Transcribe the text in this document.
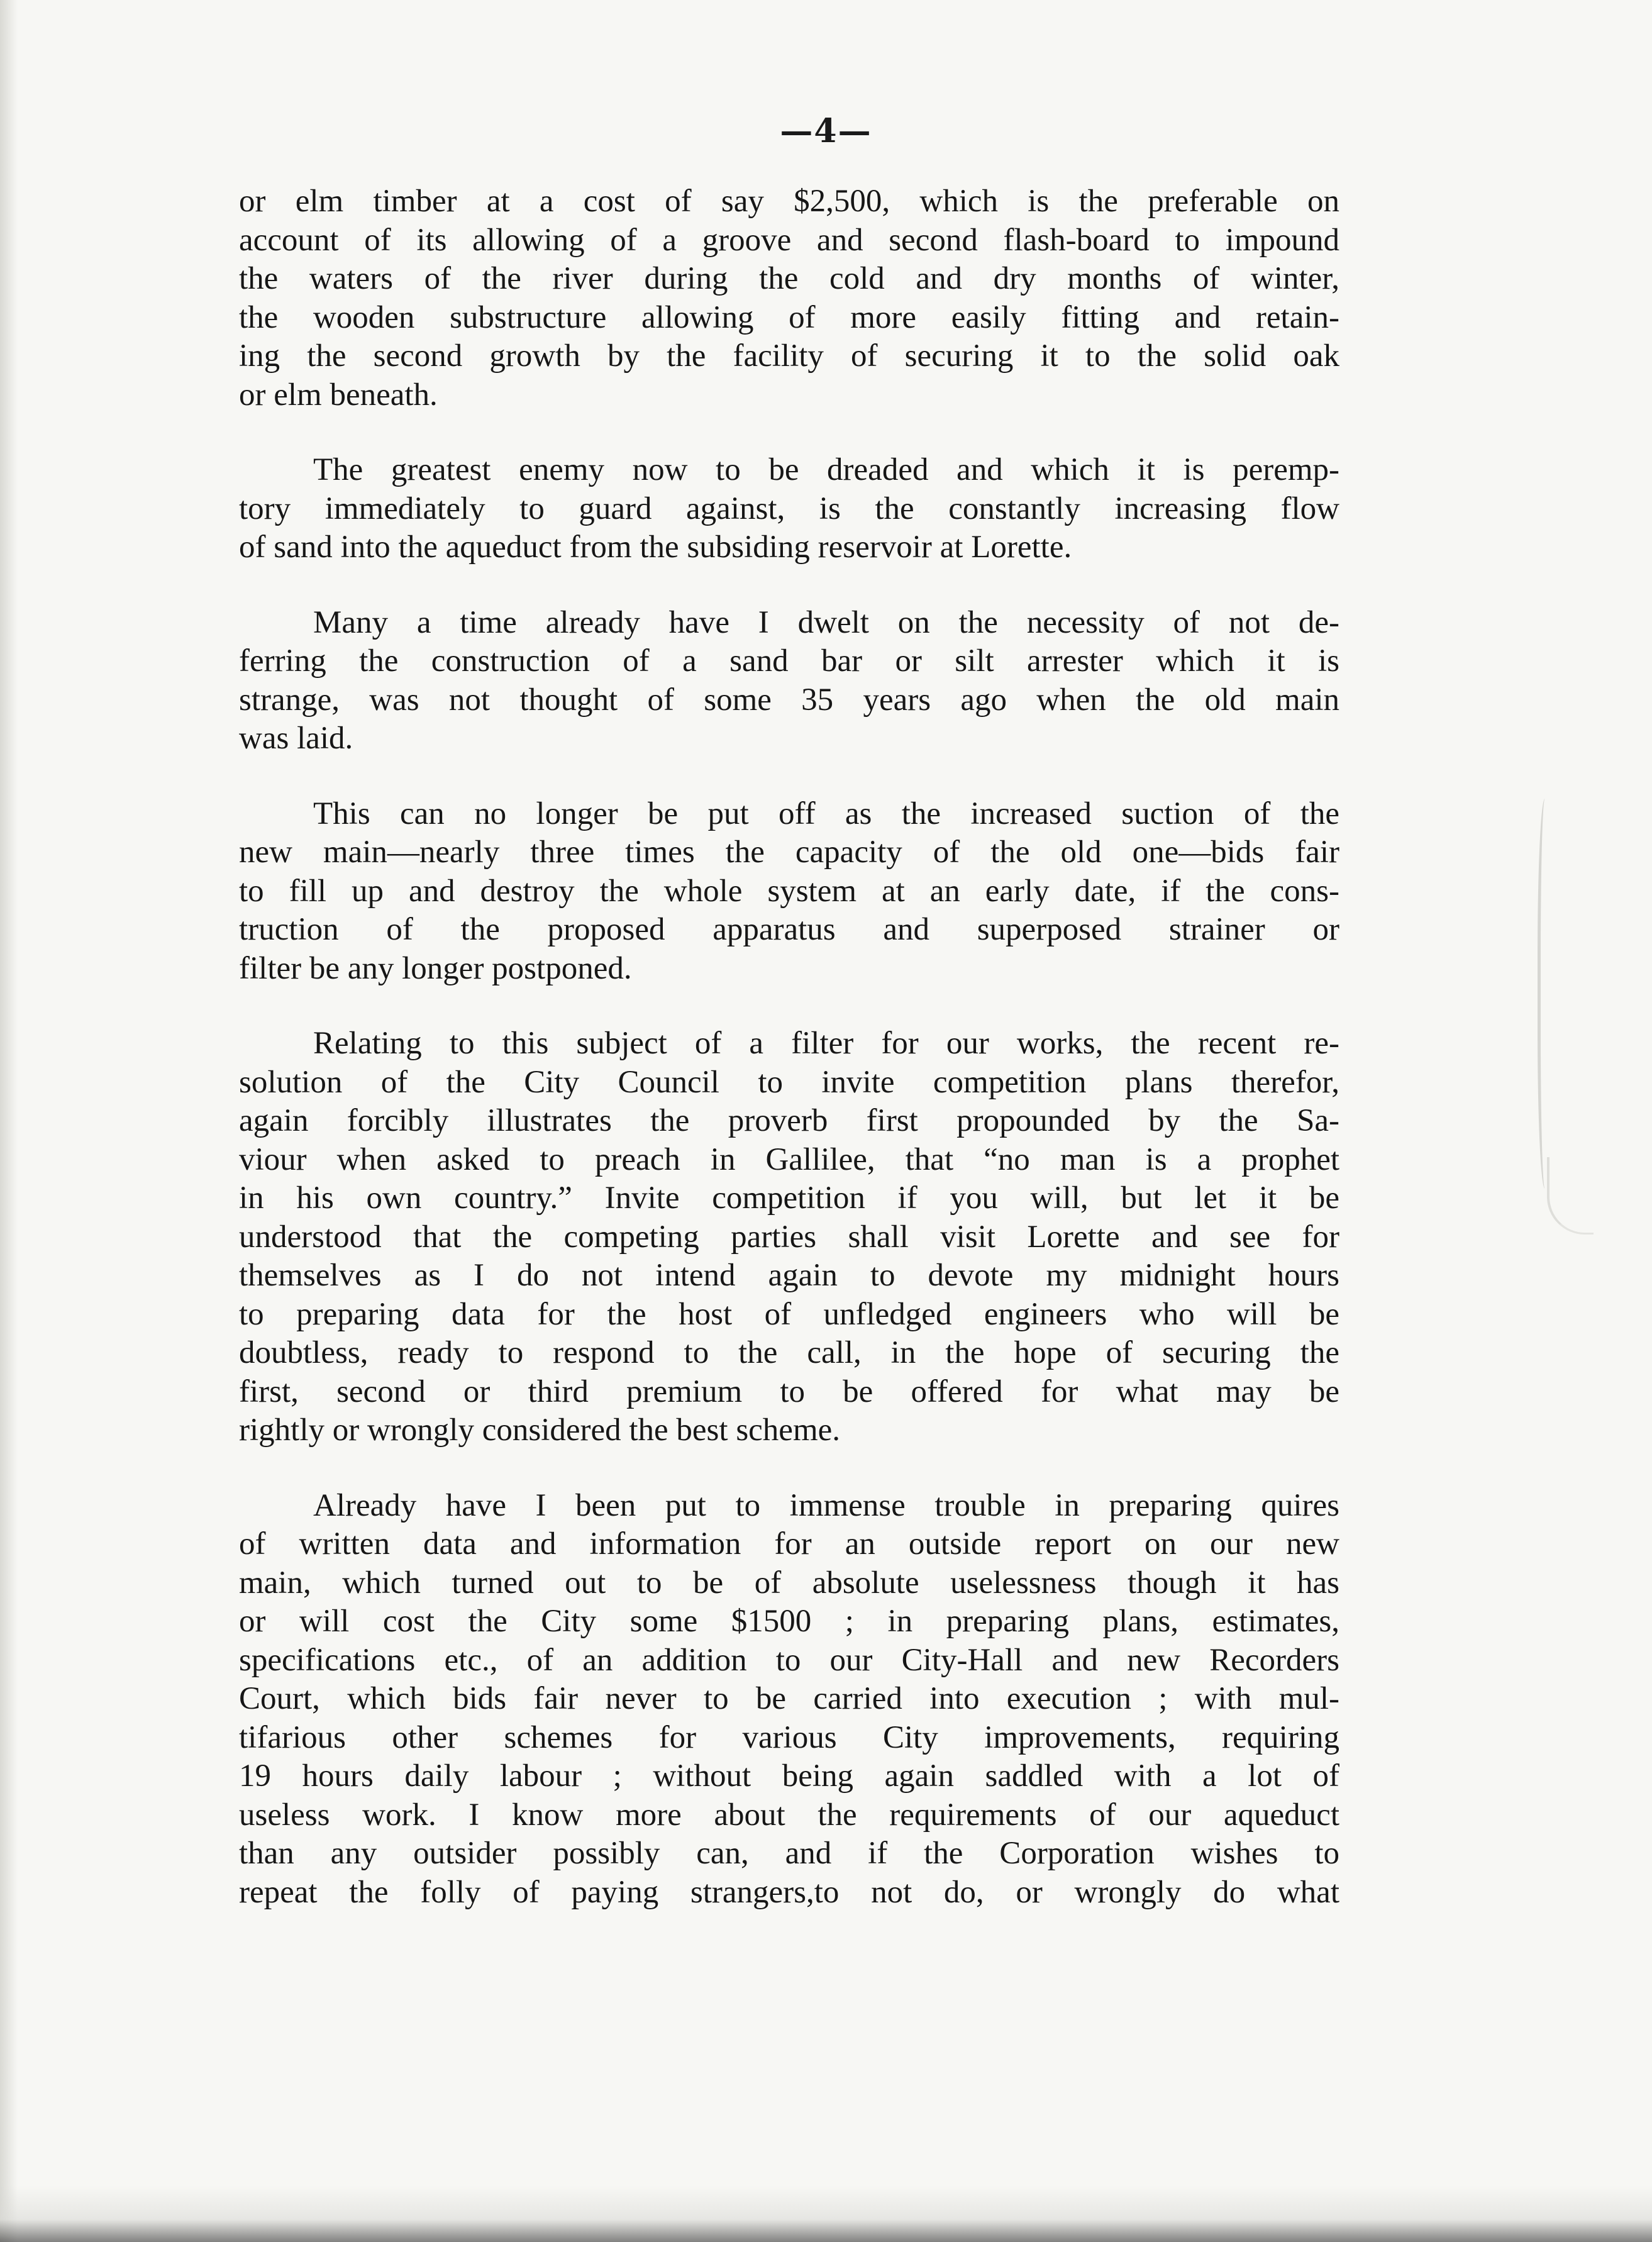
—4—
or elm timber at a cost of say $2,500, which is the preferable on
account of its allowing of a groove and second flash-board to impound
the waters of the river during the cold and dry months of winter,
the wooden substructure allowing of more easily fitting and retain-
ing the second growth by the facility of securing it to the solid oak
or elm beneath.
The greatest enemy now to be dreaded and which it is peremp-
tory immediately to guard against, is the constantly increasing flow
of sand into the aqueduct from the subsiding reservoir at Lorette.
Many a time already have I dwelt on the necessity of not de-
ferring the construction of a sand bar or silt arrester which it is
strange, was not thought of some 35 years ago when the old main
was laid.
This can no longer be put off as the increased suction of the
new main—nearly three times the capacity of the old one—bids fair
to fill up and destroy the whole system at an early date, if the cons-
truction of the proposed apparatus and superposed strainer or
filter be any longer postponed.
Relating to this subject of a filter for our works, the recent re-
solution of the City Council to invite competition plans therefor,
again forcibly illustrates the proverb first propounded by the Sa-
viour when asked to preach in Gallilee, that “no man is a prophet
in his own country.” Invite competition if you will, but let it be
understood that the competing parties shall visit Lorette and see for
themselves as I do not intend again to devote my midnight hours
to preparing data for the host of unfledged engineers who will be
doubtless, ready to respond to the call, in the hope of securing the
first, second or third premium to be offered for what may be
rightly or wrongly considered the best scheme.
Already have I been put to immense trouble in preparing quires
of written data and information for an outside report on our new
main, which turned out to be of absolute uselessness though it has
or will cost the City some $1500 ; in preparing plans, estimates,
specifications etc., of an addition to our City-Hall and new Recorders
Court, which bids fair never to be carried into execution ; with mul-
tifarious other schemes for various City improvements, requiring
19 hours daily labour ; without being again saddled with a lot of
useless work. I know more about the requirements of our aqueduct
than any outsider possibly can, and if the Corporation wishes to
repeat the folly of paying strangers,to not do, or wrongly do what
